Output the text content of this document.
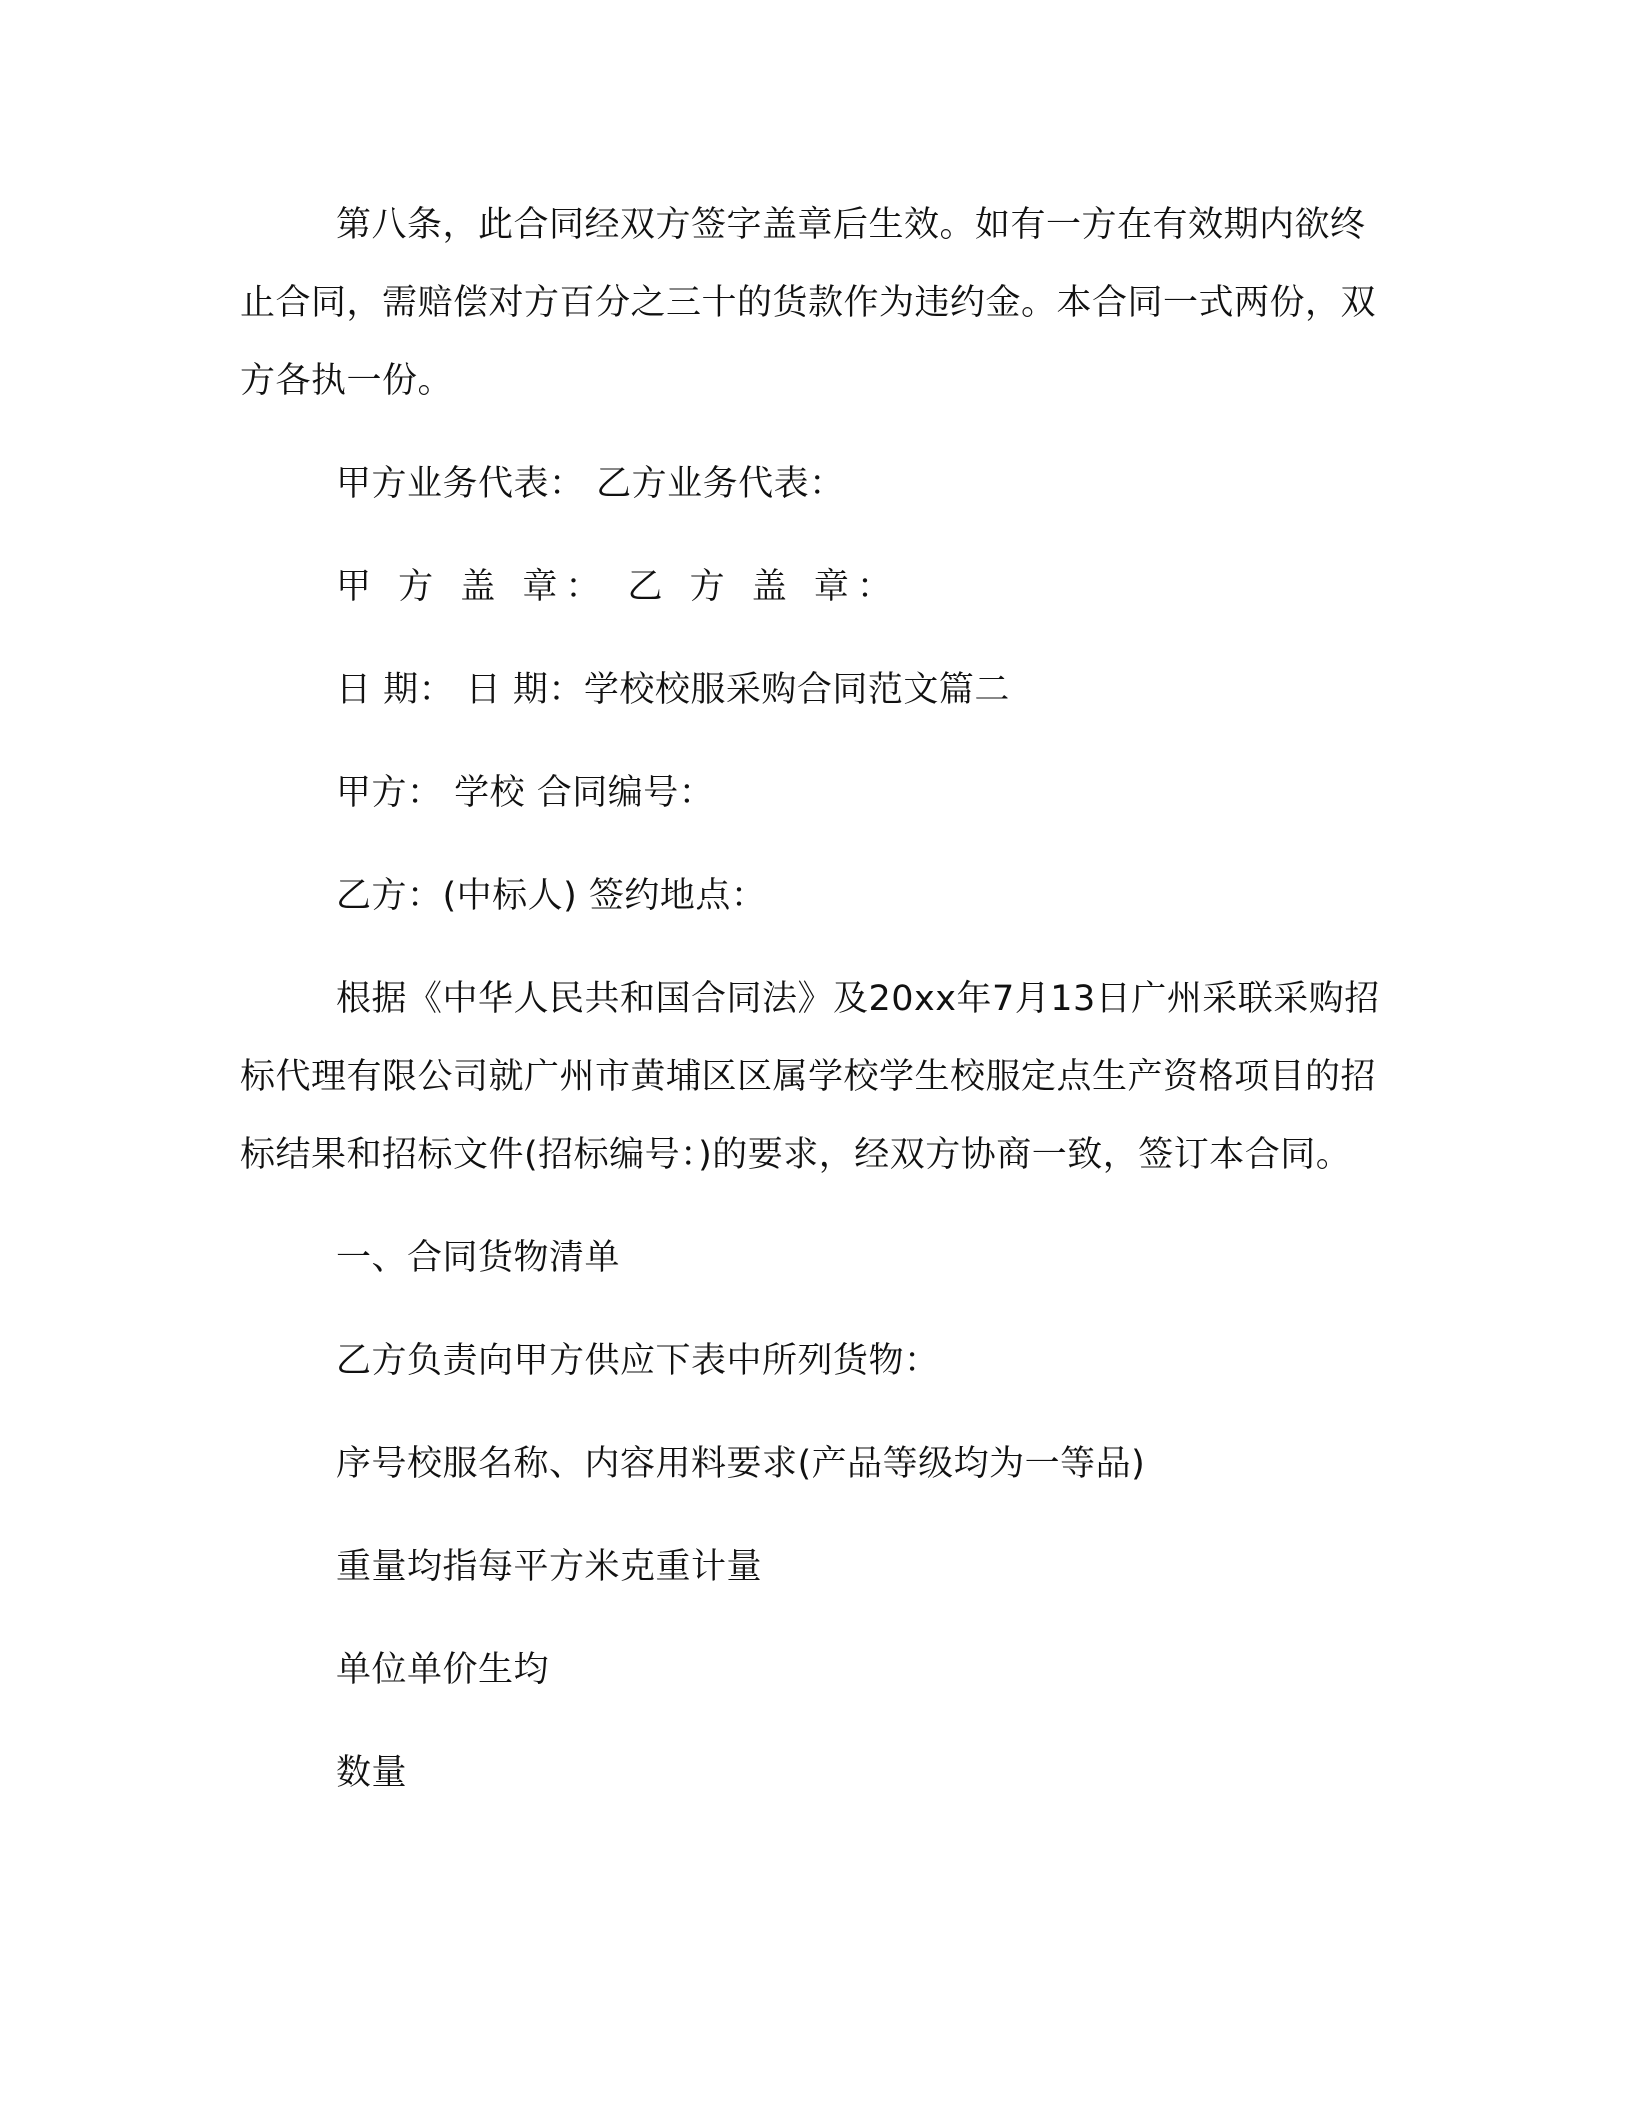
第八条，此合同经双方签字盖章后生效。如有一方在有效期内欲终止合同，需赔偿对方百分之三十的货款作为违约金。本合同一式两份，双方各执一份。

甲方业务代表： 乙方业务代表：

甲 方 盖 章： 乙 方 盖 章：

日 期： 日 期：学校校服采购合同范文篇二

甲方： 学校 合同编号：

乙方：(中标人) 签约地点：

根据《中华人民共和国合同法》及20xx年7月13日广州采联采购招标代理有限公司就广州市黄埔区区属学校学生校服定点生产资格项目的招标结果和招标文件(招标编号：)的要求，经双方协商一致，签订本合同。

一、合同货物清单

乙方负责向甲方供应下表中所列货物：

序号校服名称、内容用料要求(产品等级均为一等品)

重量均指每平方米克重计量

单位单价生均

数量
